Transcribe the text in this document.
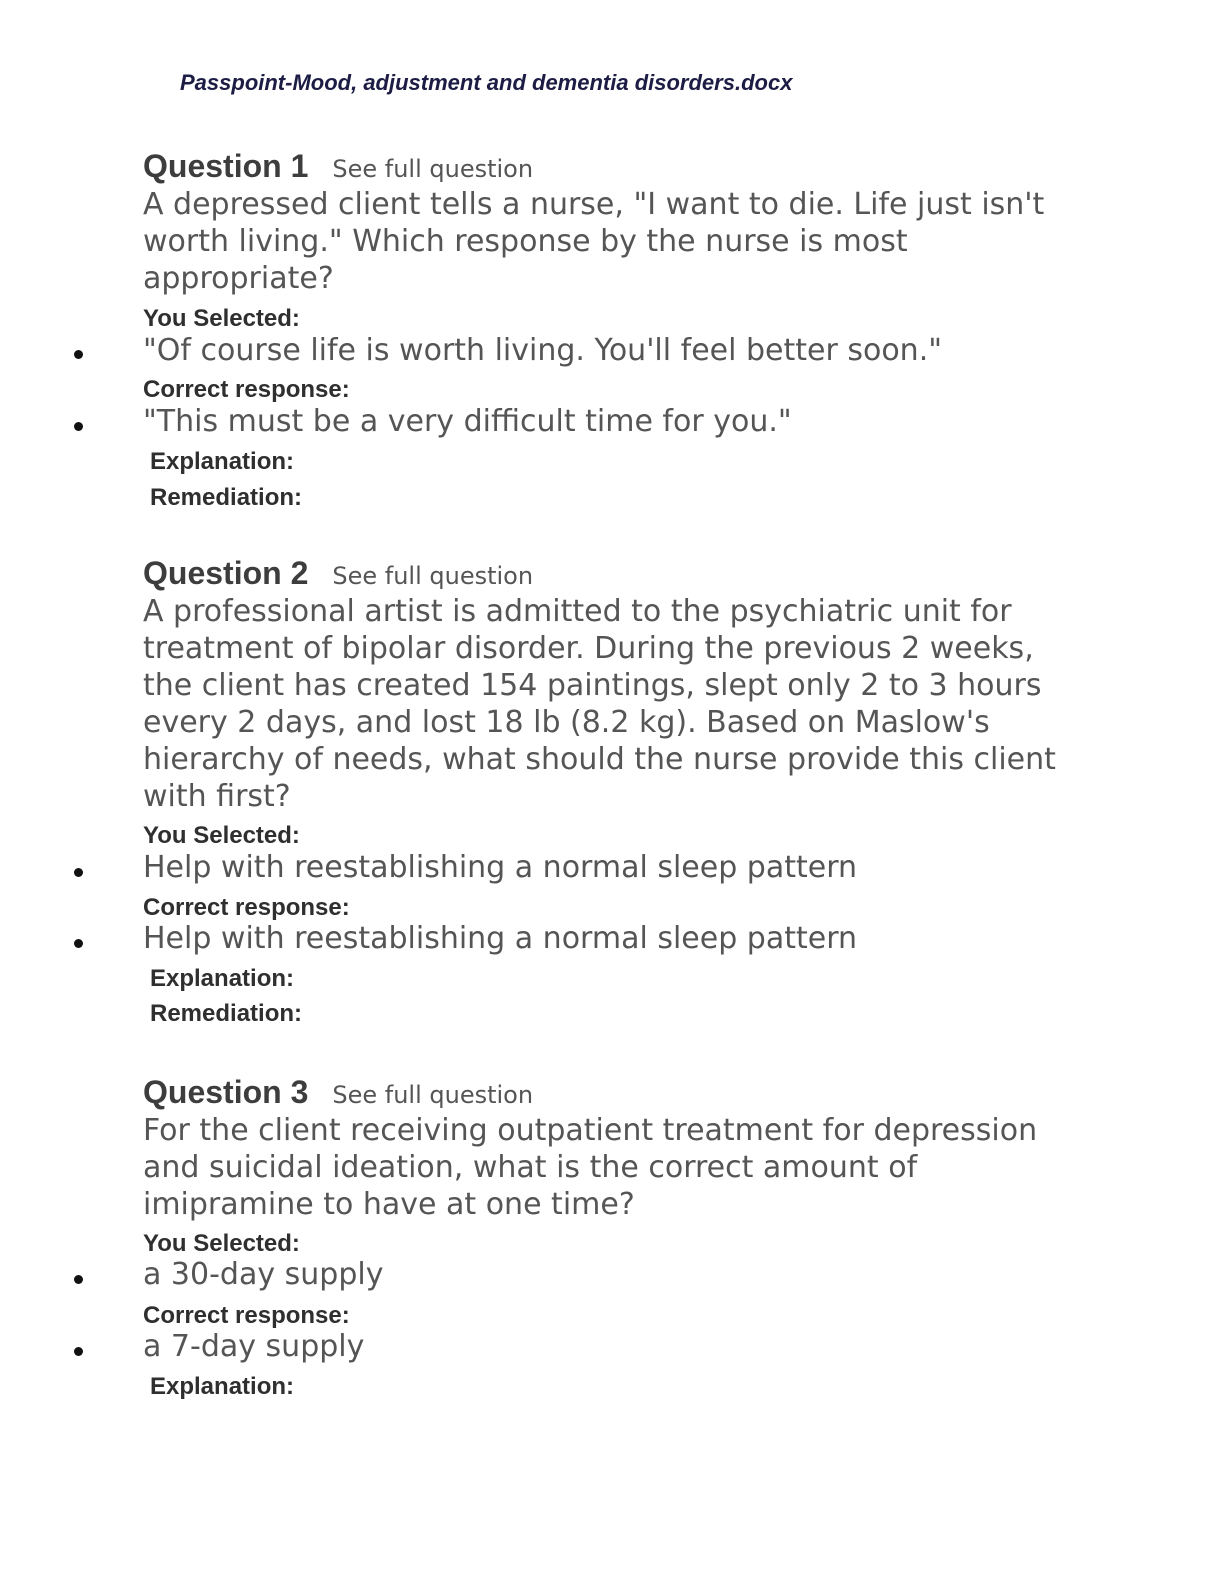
Passpoint-Mood, adjustment and dementia disorders.docx
Question 1 See full question

A depressed client tells a nurse, "I want to die. Life just isn't worth living." Which response by the nurse is most appropriate?

You Selected:
"Of course life is worth living. You'll feel better soon."
Correct response:
"This must be a very difficult time for you."
Explanation:
Remediation:
Question 2 See full question

A professional artist is admitted to the psychiatric unit for treatment of bipolar disorder. During the previous 2 weeks, the client has created 154 paintings, slept only 2 to 3 hours every 2 days, and lost 18 lb (8.2 kg). Based on Maslow's hierarchy of needs, what should the nurse provide this client with first?

You Selected:
Help with reestablishing a normal sleep pattern
Correct response:
Help with reestablishing a normal sleep pattern
Explanation:
Remediation:
Question 3 See full question

For the client receiving outpatient treatment for depression and suicidal ideation, what is the correct amount of imipramine to have at one time?

You Selected:
a 30-day supply
Correct response:
a 7-day supply
Explanation:
